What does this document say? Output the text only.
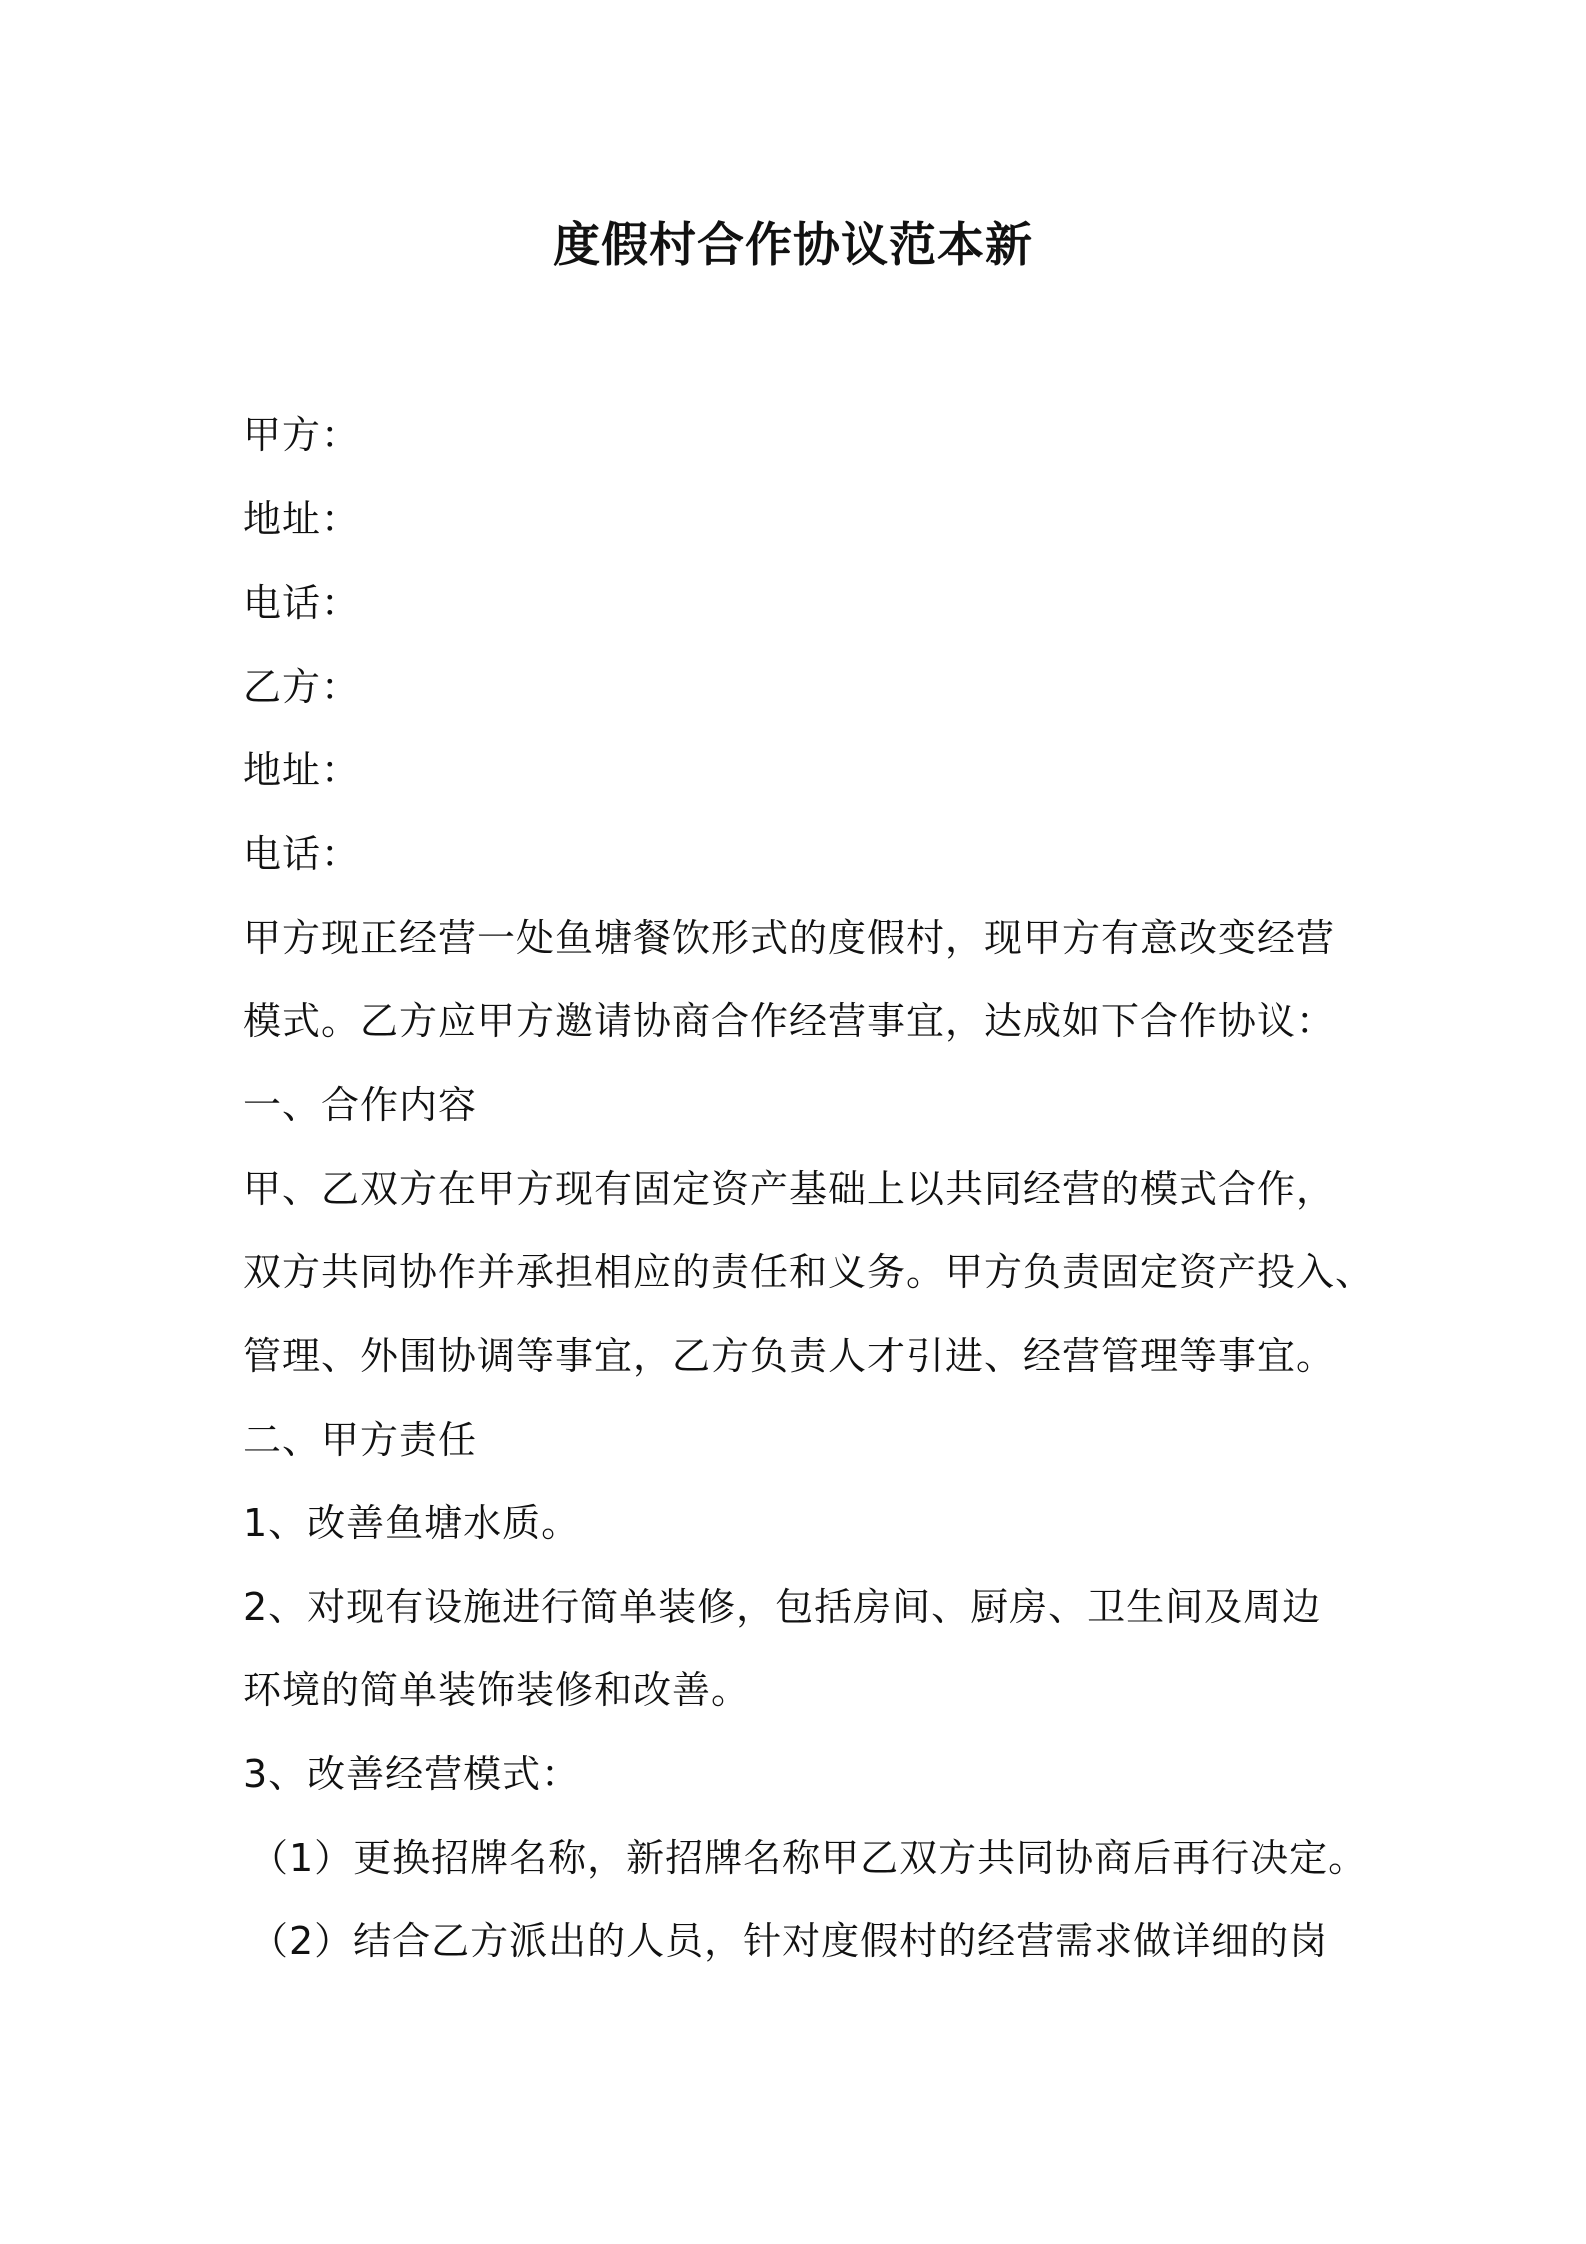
度假村合作协议范本新
甲方：
地址：
电话：
乙方：
地址：
电话：
甲方现正经营一处鱼塘餐饮形式的度假村，现甲方有意改变经营
模式。乙方应甲方邀请协商合作经营事宜，达成如下合作协议：
一、合作内容
甲、乙双方在甲方现有固定资产基础上以共同经营的模式合作，
双方共同协作并承担相应的责任和义务。甲方负责固定资产投入、
管理、外围协调等事宜，乙方负责人才引进、经营管理等事宜。
二、甲方责任
1、改善鱼塘水质。
2、对现有设施进行简单装修，包括房间、厨房、卫生间及周边
环境的简单装饰装修和改善。
3、改善经营模式：
（1）更换招牌名称，新招牌名称甲乙双方共同协商后再行决定。
（2）结合乙方派出的人员，针对度假村的经营需求做详细的岗
